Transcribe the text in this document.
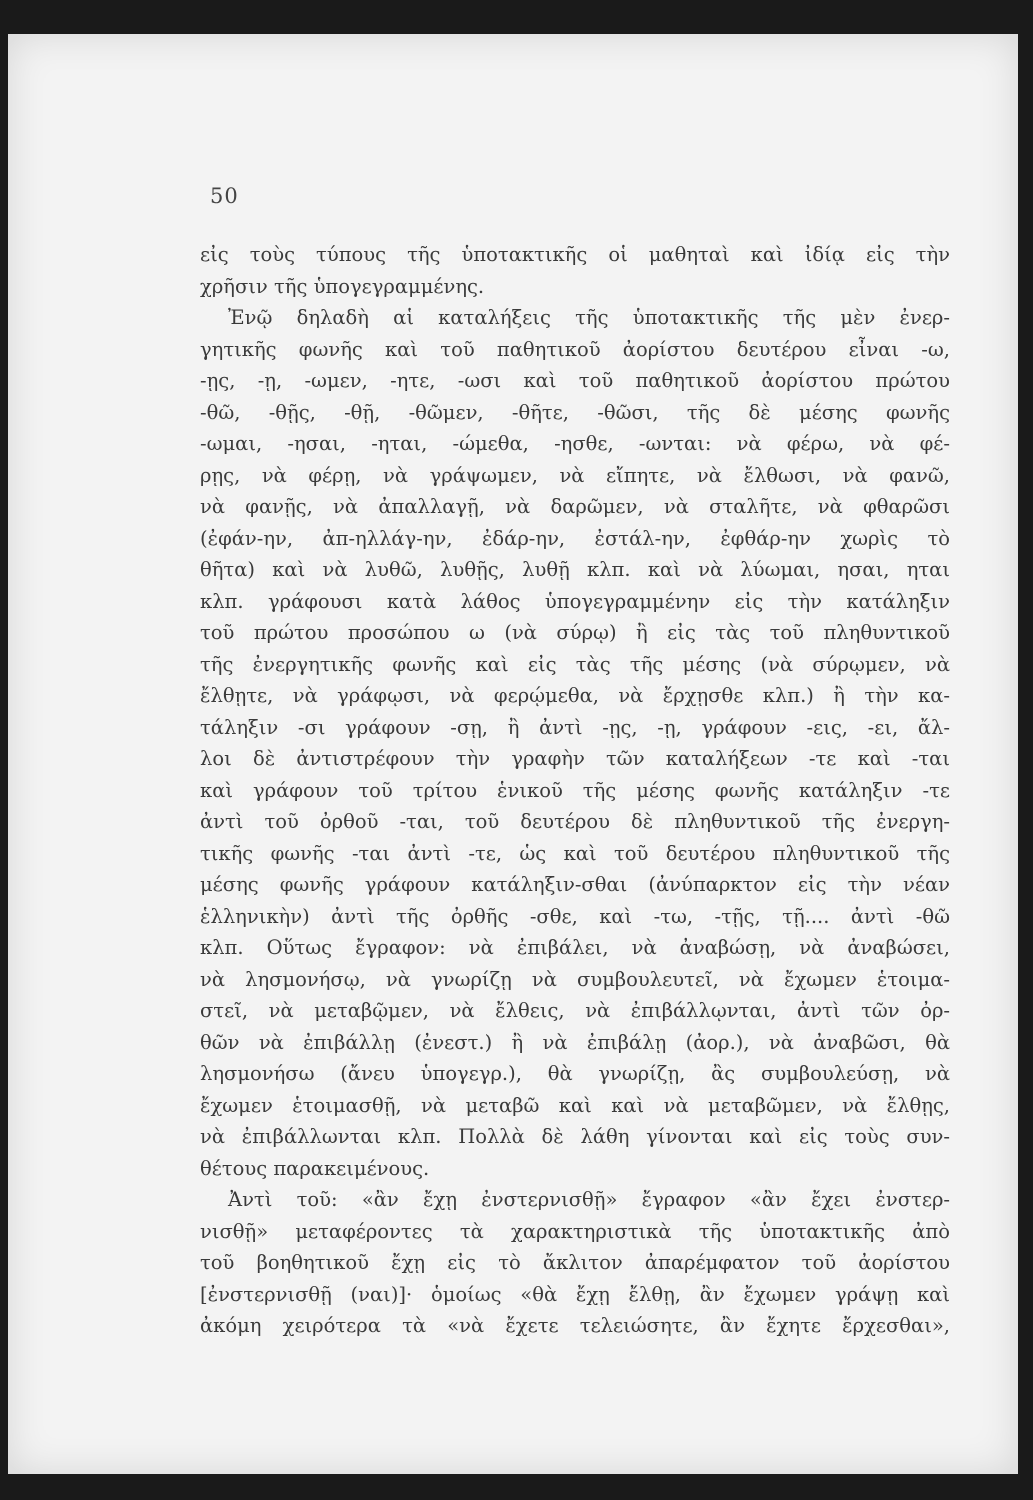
50
εἰς τοὺς τύπους τῆς ὑποτακτικῆς οἱ μαθηταὶ καὶ ἰδίᾳ εἰς τὴν
χρῆσιν τῆς ὑπογεγραμμένης.
Ἐνῷ δηλαδὴ αἱ καταλήξεις τῆς ὑποτακτικῆς τῆς μὲν ἐνερ-
γητικῆς φωνῆς καὶ τοῦ παθητικοῦ ἀορίστου δευτέρου εἶναι -ω,
-ῃς, -ῃ, -ωμεν, -ητε, -ωσι καὶ τοῦ παθητικοῦ ἀορίστου πρώτου
-θῶ, -θῇς, -θῇ, -θῶμεν, -θῆτε, -θῶσι, τῆς δὲ μέσης φωνῆς
-ωμαι, -ησαι, -ηται, -ώμεθα, -ησθε, -ωνται: νὰ φέρω, νὰ φέ-
ρῃς, νὰ φέρῃ, νὰ γράψωμεν, νὰ εἴπητε, νὰ ἔλθωσι, νὰ φανῶ,
νὰ φανῇς, νὰ ἀπαλλαγῇ, νὰ δαρῶμεν, νὰ σταλῆτε, νὰ φθαρῶσι
(ἐφάν-ην, ἀπ-ηλλάγ-ην, ἐδάρ-ην, ἐστάλ-ην, ἐφθάρ-ην χωρὶς τὸ
θῆτα) καὶ νὰ λυθῶ, λυθῇς, λυθῇ κλπ. καὶ νὰ λύωμαι, ησαι, ηται
κλπ. γράφουσι κατὰ λάθος ὑπογεγραμμένην εἰς τὴν κατάληξιν
τοῦ πρώτου προσώπου ω (νὰ σύρῳ) ἢ εἰς τὰς τοῦ πληθυντικοῦ
τῆς ἐνεργητικῆς φωνῆς καὶ εἰς τὰς τῆς μέσης (νὰ σύρῳμεν, νὰ
ἔλθῃτε, νὰ γράφῳσι, νὰ φερῴμεθα, νὰ ἔρχῃσθε κλπ.) ἢ τὴν κα-
τάληξιν -σι γράφουν -σῃ, ἢ ἀντὶ -ῃς, -ῃ, γράφουν -εις, -ει, ἄλ-
λοι δὲ ἀντιστρέφουν τὴν γραφὴν τῶν καταλήξεων -τε καὶ -ται
καὶ γράφουν τοῦ τρίτου ἑνικοῦ τῆς μέσης φωνῆς κατάληξιν -τε
ἀντὶ τοῦ ὀρθοῦ -ται, τοῦ δευτέρου δὲ πληθυντικοῦ τῆς ἐνεργη-
τικῆς φωνῆς -ται ἀντὶ -τε, ὡς καὶ τοῦ δευτέρου πληθυντικοῦ τῆς
μέσης φωνῆς γράφουν κατάληξιν-σθαι (ἀνύπαρκτον εἰς τὴν νέαν
ἑλληνικὴν) ἀντὶ τῆς ὀρθῆς -σθε, καὶ -τω, -τῇς, τῇ.... ἀντὶ -θῶ
κλπ. Οὕτως ἔγραφον: νὰ ἐπιβάλει, νὰ ἀναβώσῃ, νὰ ἀναβώσει,
νὰ λησμονήσῳ, νὰ γνωρίζῃ νὰ συμβουλευτεῖ, νὰ ἔχωμεν ἑτοιμα-
στεῖ, νὰ μεταβῷμεν, νὰ ἔλθεις, νὰ ἐπιβάλλῳνται, ἀντὶ τῶν ὀρ-
θῶν νὰ ἐπιβάλλῃ (ἐνεστ.) ἢ νὰ ἐπιβάλῃ (ἀορ.), νὰ ἀναβῶσι, θὰ
λησμονήσω (ἄνευ ὑπογεγρ.), θὰ γνωρίζῃ, ἂς συμβουλεύσῃ, νὰ
ἔχωμεν ἑτοιμασθῇ, νὰ μεταβῶ καὶ καὶ νὰ μεταβῶμεν, νὰ ἔλθῃς,
νὰ ἐπιβάλλωνται κλπ. Πολλὰ δὲ λάθη γίνονται καὶ εἰς τοὺς συν-
θέτους παρακειμένους.
Ἀντὶ τοῦ: «ἂν ἔχῃ ἐνστερνισθῇ» ἔγραφον «ἂν ἔχει ἐνστερ-
νισθῇ» μεταφέροντες τὰ χαρακτηριστικὰ τῆς ὑποτακτικῆς ἀπὸ
τοῦ βοηθητικοῦ ἔχῃ εἰς τὸ ἄκλιτον ἀπαρέμφατον τοῦ ἀορίστου
[ἐνστερνισθῇ (ναι)]· ὁμοίως «θὰ ἔχῃ ἔλθῃ, ἂν ἔχωμεν γράψῃ καὶ
ἀκόμη χειρότερα τὰ «νὰ ἔχετε τελειώσητε, ἂν ἔχητε ἔρχεσθαι»,
